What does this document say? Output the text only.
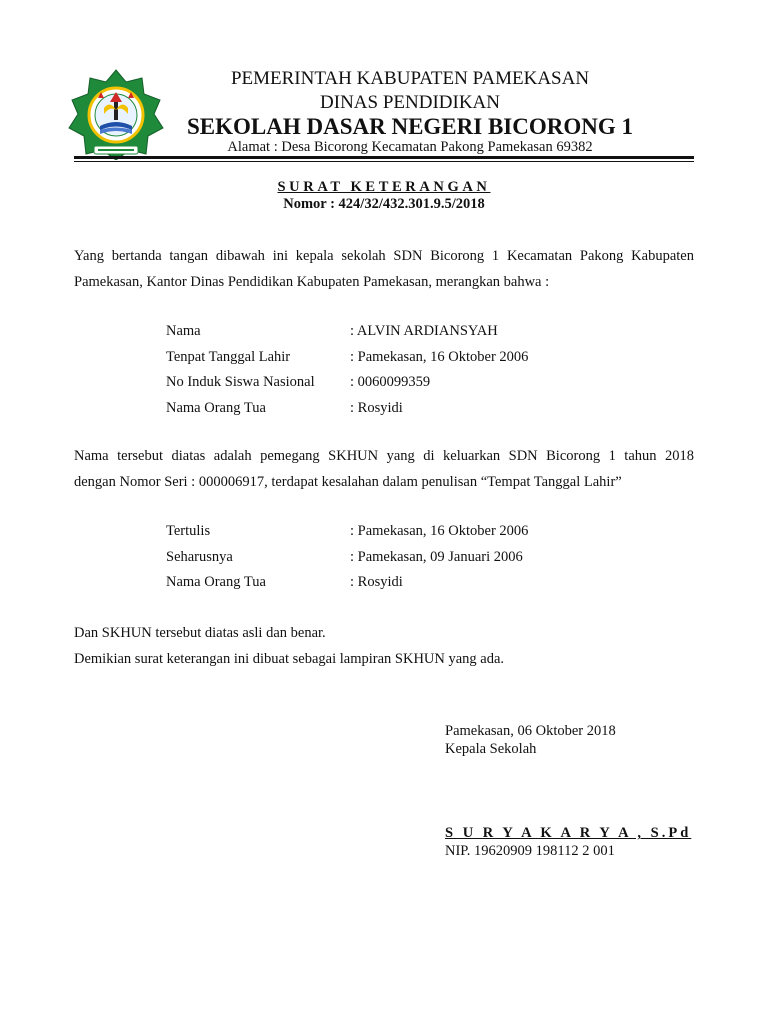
PEMERINTAH KABUPATEN PAMEKASAN
DINAS PENDIDIKAN
SEKOLAH DASAR NEGERI BICORONG 1
Alamat : Desa Bicorong Kecamatan Pakong Pamekasan 69382
SURAT KETERANGAN
Nomor : 424/32/432.301.9.5/2018
Yang bertanda tangan dibawah ini kepala sekolah SDN Bicorong 1 Kecamatan Pakong Kabupaten
Pamekasan, Kantor Dinas Pendidikan Kabupaten Pamekasan, merangkan bahwa :
Nama	: ALVIN ARDIANSYAH
Tenpat Tanggal Lahir	: Pamekasan, 16 Oktober 2006
No Induk Siswa Nasional : 0060099359
Nama Orang Tua	: Rosyidi
Nama tersebut diatas adalah pemegang SKHUN yang di keluarkan SDN Bicorong 1 tahun 2018
dengan Nomor Seri : 000006917, terdapat kesalahan dalam penulisan “Tempat Tanggal Lahir”
Tertulis	: Pamekasan, 16 Oktober 2006
Seharusnya	: Pamekasan, 09 Januari 2006
Nama Orang Tua	: Rosyidi
Dan SKHUN tersebut diatas asli dan benar.
Demikian surat keterangan ini dibuat sebagai lampiran SKHUN yang ada.
Pamekasan, 06 Oktober 2018
Kepala Sekolah
S U R Y A K A R Y A , S.Pd
NIP. 19620909 198112 2 001
